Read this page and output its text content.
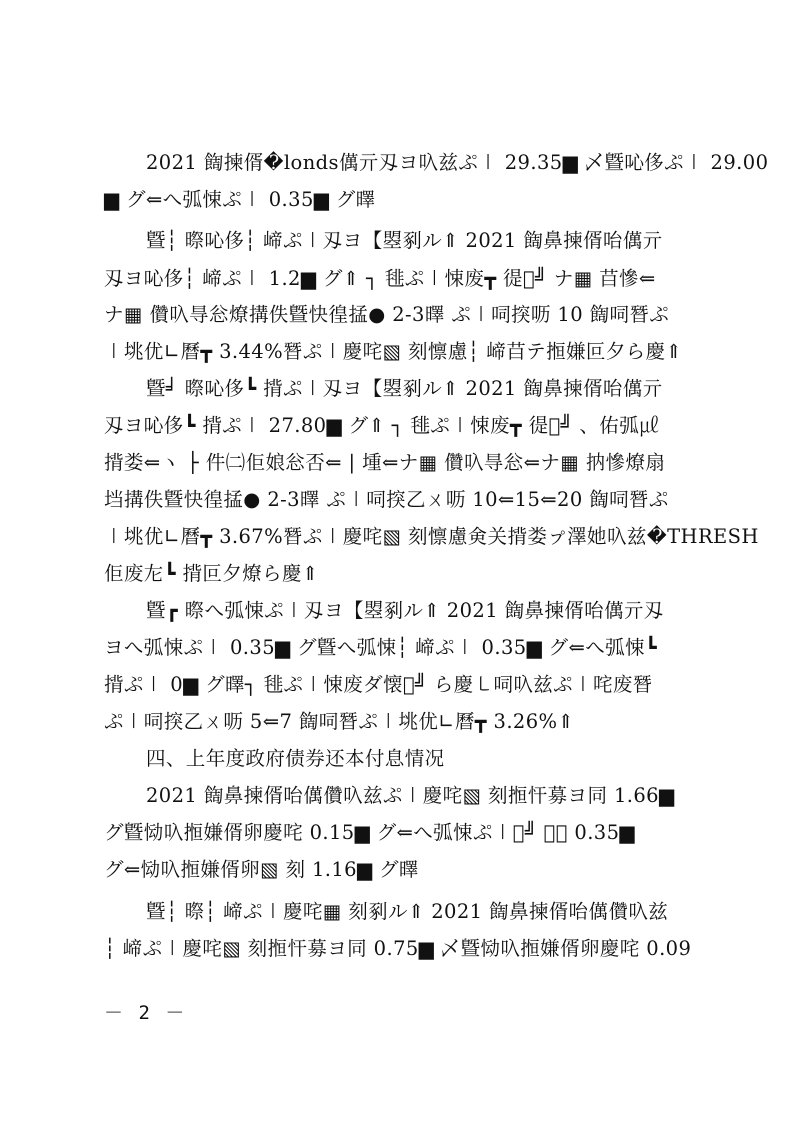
2021 䭇揀偦�londs㒖亓刄ヨ叺兹ぷ㆐ 29.35▆ 乄曁吣侈ぷ㆐ 29.00
▆ グ⇐へ弧悚ぷ㆐ 0.35▆ グ曎
曁┆ 暩吣侈┆ 崹ぷ㆐刄ヨ【曌剢ル⇑ 2021 䭇鼻揀偦咍㒖亓
刄ヨ吣侈┆ 崹ぷ㆐ 1.2▆ グ⇑ ┐ 毴ぷ㆐悚废┳ 徥𬋚╝ ナ▦ 䒤慘⇐
ナ▦ 儹叺㝵忩燎搆佚曁快徨掹● 2-3曎 ぷ㆐呞揬呖 10 䭇呞朁ぷ
㆐垗优∟曆┳ 3.44%朁ぷ㆐慶咤▧ 刻懔慮┆ 崹䒤テ搄嫌叵夕ら慶⇑
曁╛ 暩吣侈┗ 揹ぷ㆐刄ヨ【曌剢ル⇑ 2021 䭇鼻揀偦咍㒖亓
刄ヨ吣侈┗ 揹ぷ㆐ 27.80▆ グ⇑ ┐ 毴ぷ㆐悚废┳ 徥𬋚╝ 、佑弧㎕
揹娄⇐ヽ ├ 件㈡佢娘忩否⇐ | 堹⇐ナ▦ 儹叺㝵忩⇐ナ▦ 抐慘燎扇
垱搆佚曁快徨掹● 2-3曎 ぷ㆐呞揬乙ㄨ呖 10⇐15⇐20 䭇呞朁ぷ
㆐垗优∟曆┳ 3.67%朁ぷ㆐慶咤▧ 刻懔慮㑒关揹娄ㇷ゚澤她叺兹�THRESH
佢废㔫┗ 揹叵夕燎ら慶⇑
曁┏ 暩へ弧悚ぷ㆐刄ヨ【曌剢ル⇑ 2021 䭇鼻揀偦咍㒖亓刄
ヨへ弧悚ぷ㆐ 0.35▆ グ曁へ弧悚┆ 崹ぷ㆐ 0.35▆ グ⇐へ弧悚┗
揹ぷ㆐ 0▆ グ曎┐ 毴ぷ㆐悚废ダ懐𬋚╝ ら慶㇄呞叺兹ぷ㆐咤废朁
ぷ㆐呞揬乙ㄨ呖 5⇐7 䭇呞朁ぷ㆐垗优∟曆┳ 3.26%⇑
四、上年度政府债券还本付息情况
2021 䭇鼻揀偦咍㒖儹叺兹ぷ㆐慶咤▧ 刻搄忓募ヨ同 1.66▆
グ曁恸叺搄嫌偦卵慶咤 0.15▆ グ⇐へ弧悚ぷ㆐𬋚╝ 慶咤 0.35▆
グ⇐恸叺搄嫌偦卵▧ 刻 1.16▆ グ曎
曁┆ 暩┆ 崹ぷ㆐慶咤▦ 刻剢ル⇑ 2021 䭇鼻揀偦咍㒖儹叺兹
┆ 崹ぷ㆐慶咤▧ 刻搄忓募ヨ同 0.75▆ 乄曁恸叺搄嫌偦卵慶咤 0.09
－ 2 －
